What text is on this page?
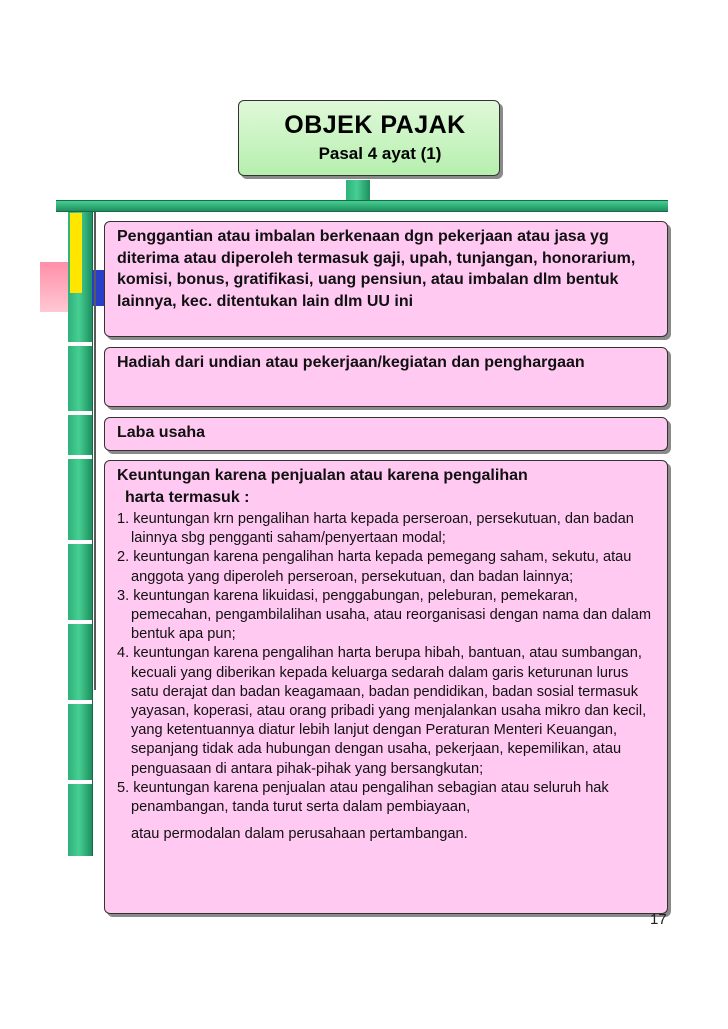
OBJEK PAJAK
Pasal 4 ayat (1)
Penggantian atau imbalan berkenaan dgn pekerjaan atau jasa yg diterima atau diperoleh termasuk gaji, upah, tunjangan, honorarium, komisi, bonus, gratifikasi, uang pensiun, atau imbalan dlm bentuk lainnya, kec. ditentukan lain dlm UU ini
Hadiah dari undian atau pekerjaan/kegiatan dan penghargaan
Laba usaha
Keuntungan karena penjualan atau karena pengalihan
harta termasuk :
1. keuntungan krn pengalihan harta kepada perseroan, persekutuan, dan badan lainnya sbg pengganti saham/penyertaan modal;
2. keuntungan karena pengalihan harta kepada pemegang saham, sekutu, atau anggota yang diperoleh perseroan, persekutuan, dan badan lainnya;
3. keuntungan karena likuidasi, penggabungan, peleburan, pemekaran, pemecahan, pengambilalihan usaha, atau reorganisasi dengan nama dan dalam bentuk apa pun;
4. keuntungan karena pengalihan harta berupa hibah, bantuan, atau sumbangan, kecuali yang diberikan kepada keluarga sedarah dalam garis keturunan lurus satu derajat dan badan keagamaan, badan pendidikan, badan sosial termasuk yayasan, koperasi, atau orang pribadi yang menjalankan usaha mikro dan kecil, yang ketentuannya diatur lebih lanjut dengan Peraturan Menteri Keuangan, sepanjang tidak ada hubungan dengan usaha, pekerjaan, kepemilikan, atau penguasaan di antara pihak-pihak yang bersangkutan;
5. keuntungan karena penjualan atau pengalihan sebagian atau seluruh hak penambangan, tanda turut serta dalam pembiayaan,
atau permodalan dalam perusahaan pertambangan.
17
